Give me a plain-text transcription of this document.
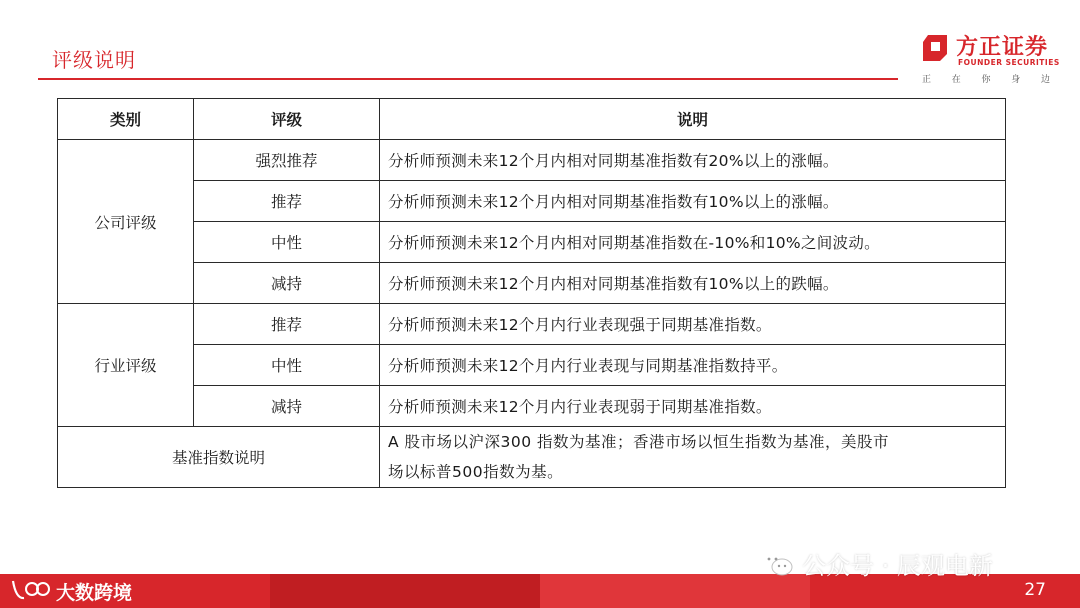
评级说明	方正证券
FOUNDER SECURITIES
正 在 你 身 边
类别	评级	说明
公司评级	强烈推荐	分析师预测未来12个月内相对同期基准指数有20%以上的涨幅。
	推荐	分析师预测未来12个月内相对同期基准指数有10%以上的涨幅。
	中性	分析师预测未来12个月内相对同期基准指数在-10%和10%之间波动。
	减持	分析师预测未来12个月内相对同期基准指数有10%以上的跌幅。
行业评级	推荐	分析师预测未来12个月内行业表现强于同期基准指数。
	中性	分析师预测未来12个月内行业表现与同期基准指数持平。
	减持	分析师预测未来12个月内行业表现弱于同期基准指数。
基准指数说明		A 股市场以沪深300 指数为基准；香港市场以恒生指数为基准，美股市
场以标普500指数为基。
大数跨境
公众号 · 辰观电新
27
